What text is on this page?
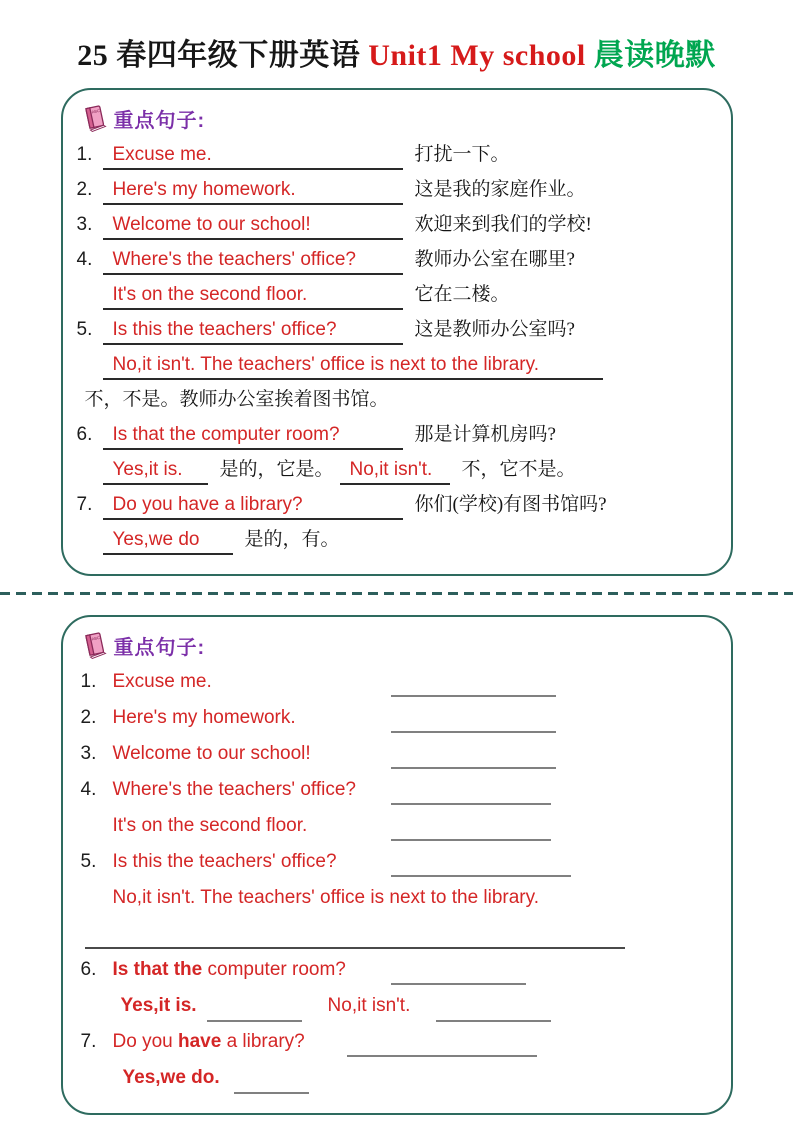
25 春四年级下册英语 Unit1 My school 晨读晚默
ABC 重点句子:
1. Excuse me.	打扰一下。
2. Here's my homework.	这是我的家庭作业。
3. Welcome to our school!	欢迎来到我们的学校!
4. Where's the teachers' office?	教师办公室在哪里?
It's on the second floor.	它在二楼。
5. Is this the teachers' office?	这是教师办公室吗?
No,it isn't. The teachers' office is next to the library.
不，不是。教师办公室挨着图书馆。
6. Is that the computer room?	那是计算机房吗?
Yes,it is. 是的，它是。 No,it isn't. 不，它不是。
7. Do you have a library?	你们(学校)有图书馆吗?
Yes,we do 是的，有。
ABC 重点句子:
1. Excuse me.
2. Here's my homework.
3. Welcome to our school!
4. Where's the teachers' office?
It's on the second floor.
5. Is this the teachers' office?
No,it isn't. The teachers' office is next to the library.
6. Is that the computer room?
Yes,it is.	No,it isn't.
7. Do you have a library?
Yes,we do.
